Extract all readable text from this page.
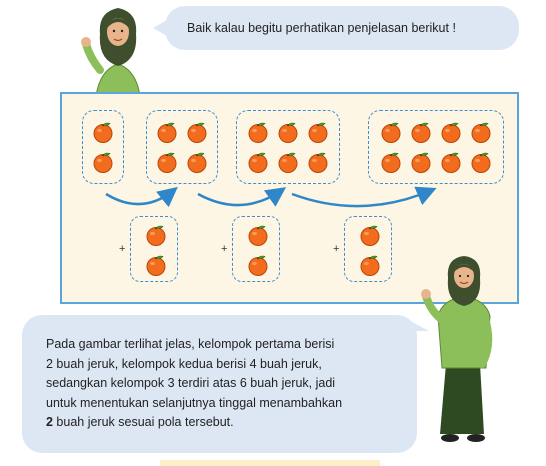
Baik kalau begitu perhatikan penjelasan berikut !
+	+	+

Pada gambar terlihat jelas, kelompok pertama berisi

2 buah jeruk, kelompok kedua berisi 4 buah jeruk,

sedangkan kelompok 3 terdiri atas 6 buah jeruk, jadi

untuk menentukan selanjutnya tinggal menambahkan

2 buah jeruk sesuai pola tersebut.
